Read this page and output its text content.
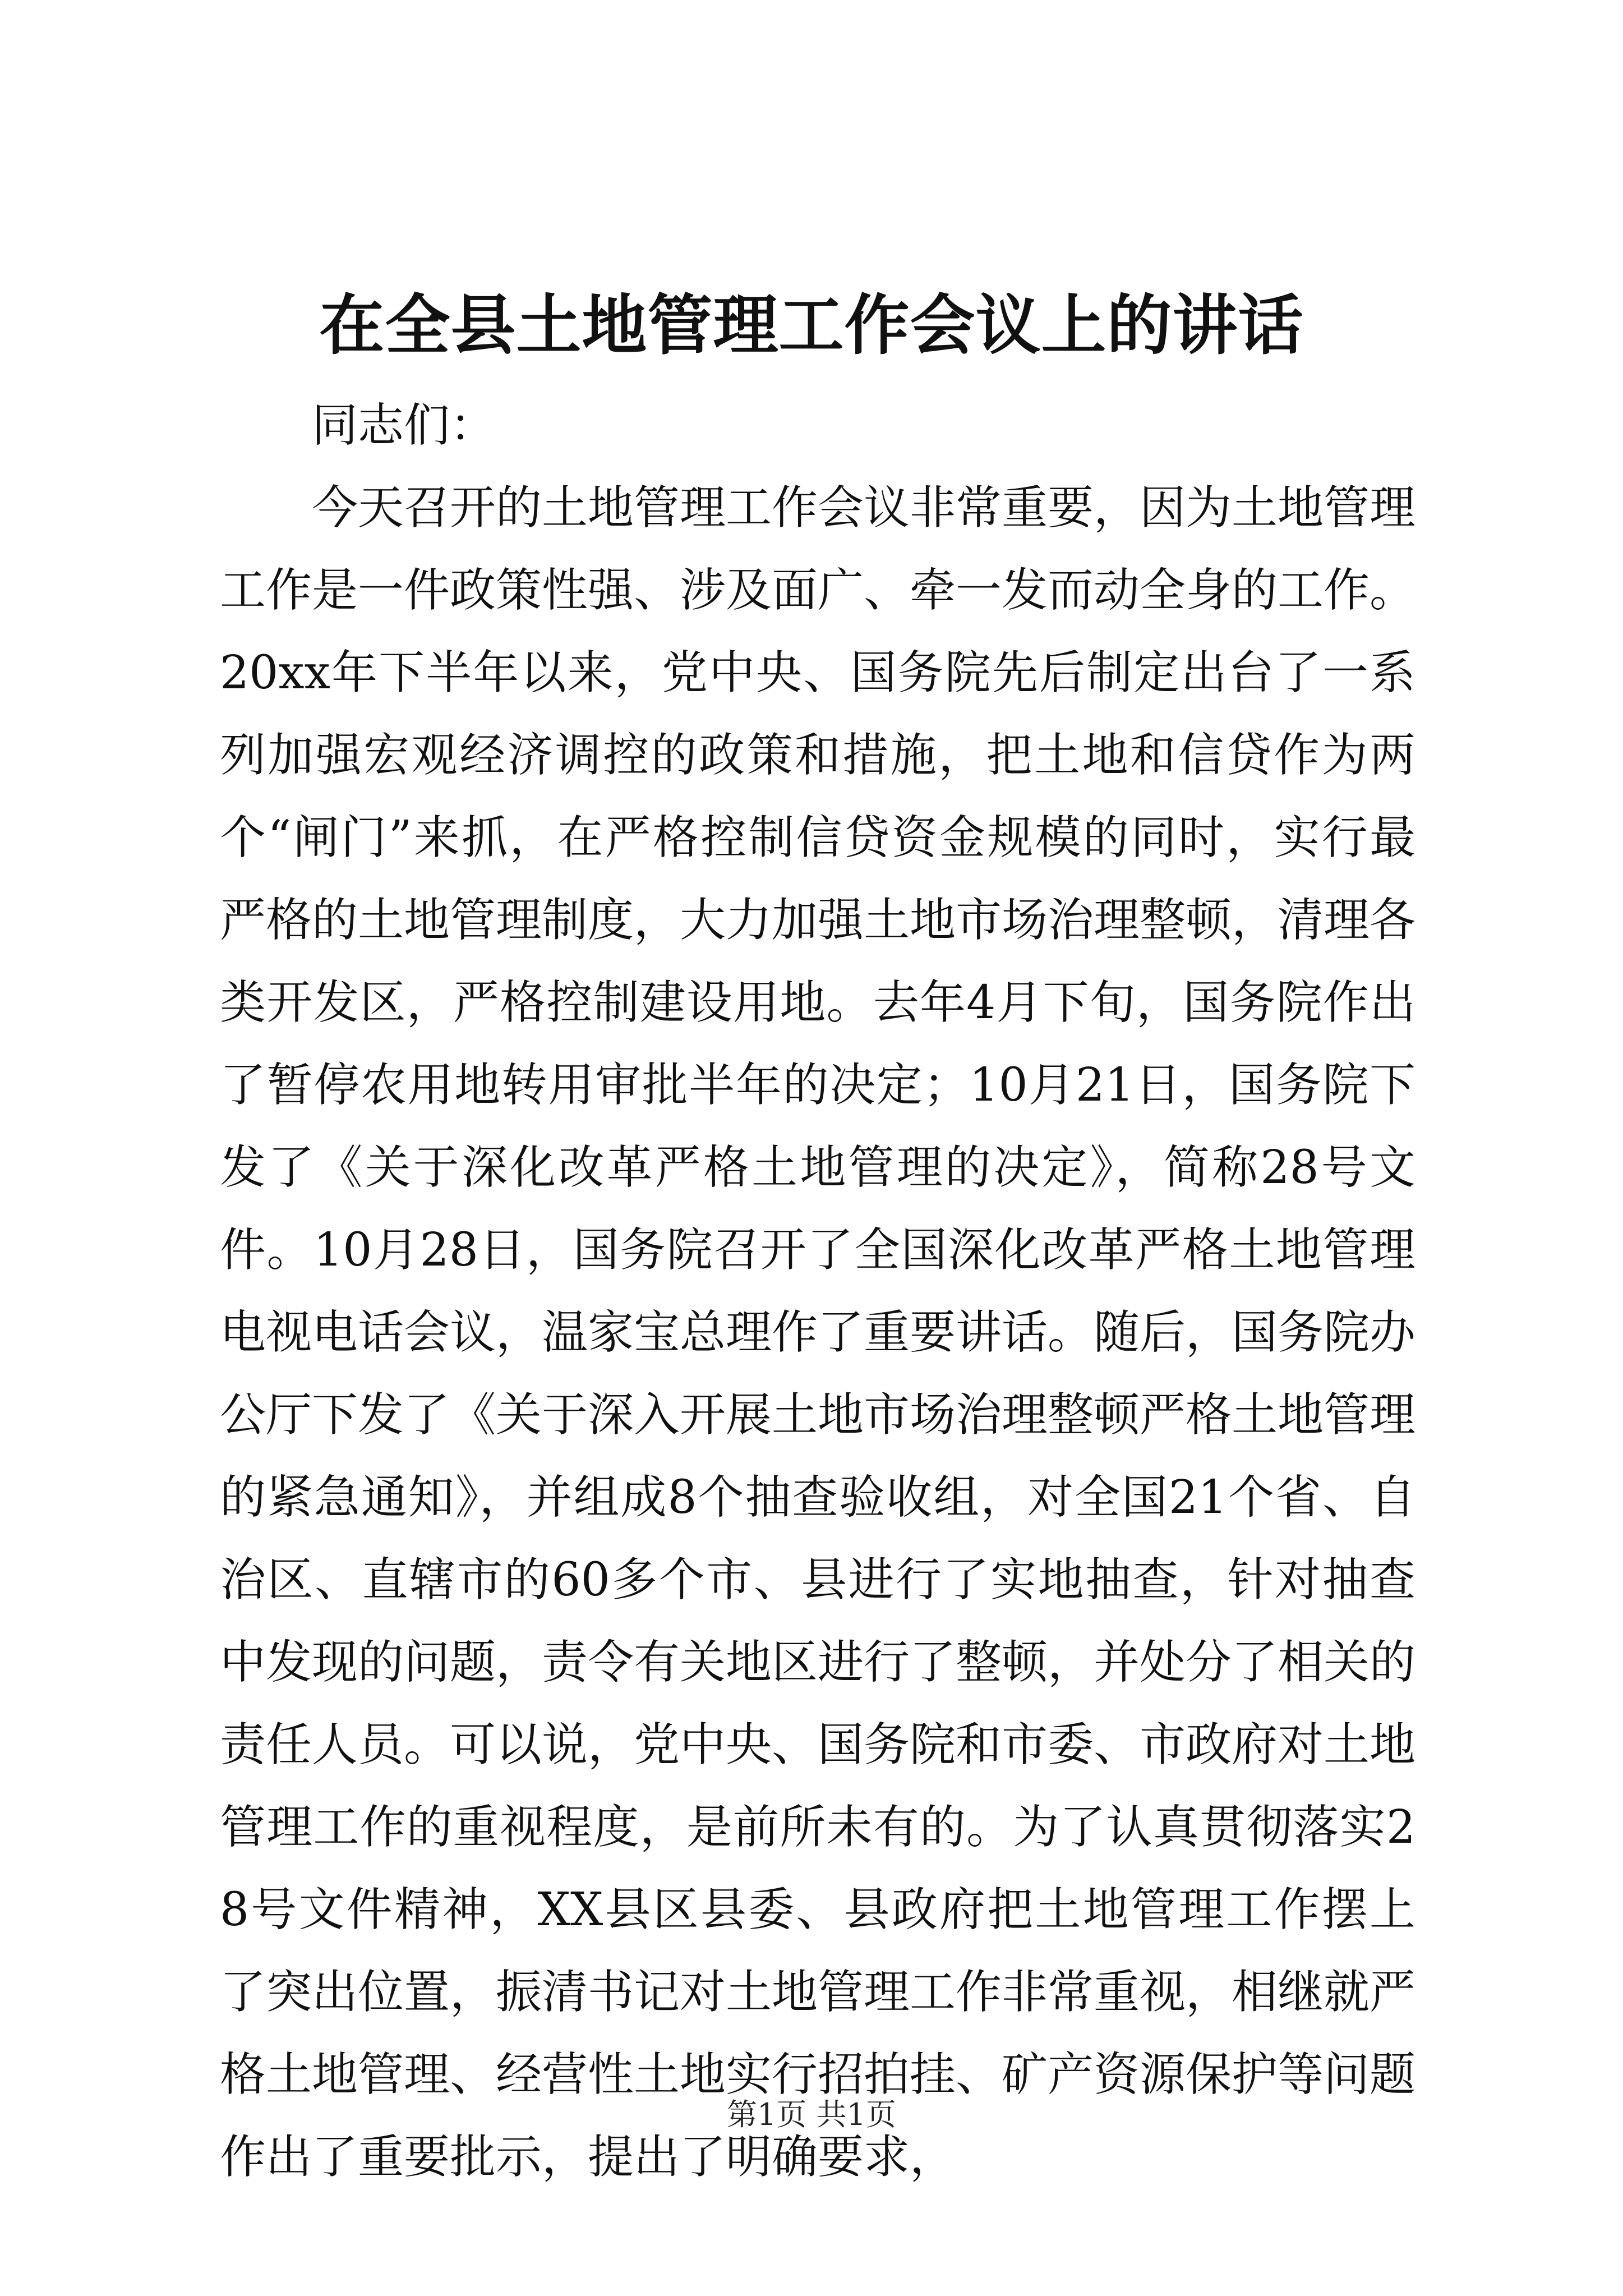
在全县土地管理工作会议上的讲话

同志们：

今天召开的土地管理工作会议非常重要，因为土地管理工作是一件政策性强、涉及面广、牵一发而动全身的工作。20xx年下半年以来，党中央、国务院先后制定出台了一系列加强宏观经济调控的政策和措施，把土地和信贷作为两个“闸门”来抓，在严格控制信贷资金规模的同时，实行最严格的土地管理制度，大力加强土地市场治理整顿，清理各类开发区，严格控制建设用地。去年4月下旬，国务院作出了暂停农用地转用审批半年的决定；10月21日，国务院下发了《关于深化改革严格土地管理的决定》，简称28号文件。10月28日，国务院召开了全国深化改革严格土地管理电视电话会议，温家宝总理作了重要讲话。随后，国务院办公厅下发了《关于深入开展土地市场治理整顿严格土地管理的紧急通知》，并组成8个抽查验收组，对全国21个省、自治区、直辖市的60多个市、县进行了实地抽查，针对抽查中发现的问题，责令有关地区进行了整顿，并处分了相关的责任人员。可以说，党中央、国务院和市委、市政府对土地管理工作的重视程度，是前所未有的。为了认真贯彻落实28号文件精神，XX县区县委、县政府把土地管理工作摆上了突出位置，振清书记对土地管理工作非常重视，相继就严格土地管理、经营性土地实行招拍挂、矿产资源保护等问题作出了重要批示，提出了明确要求，

第1页 共1页
